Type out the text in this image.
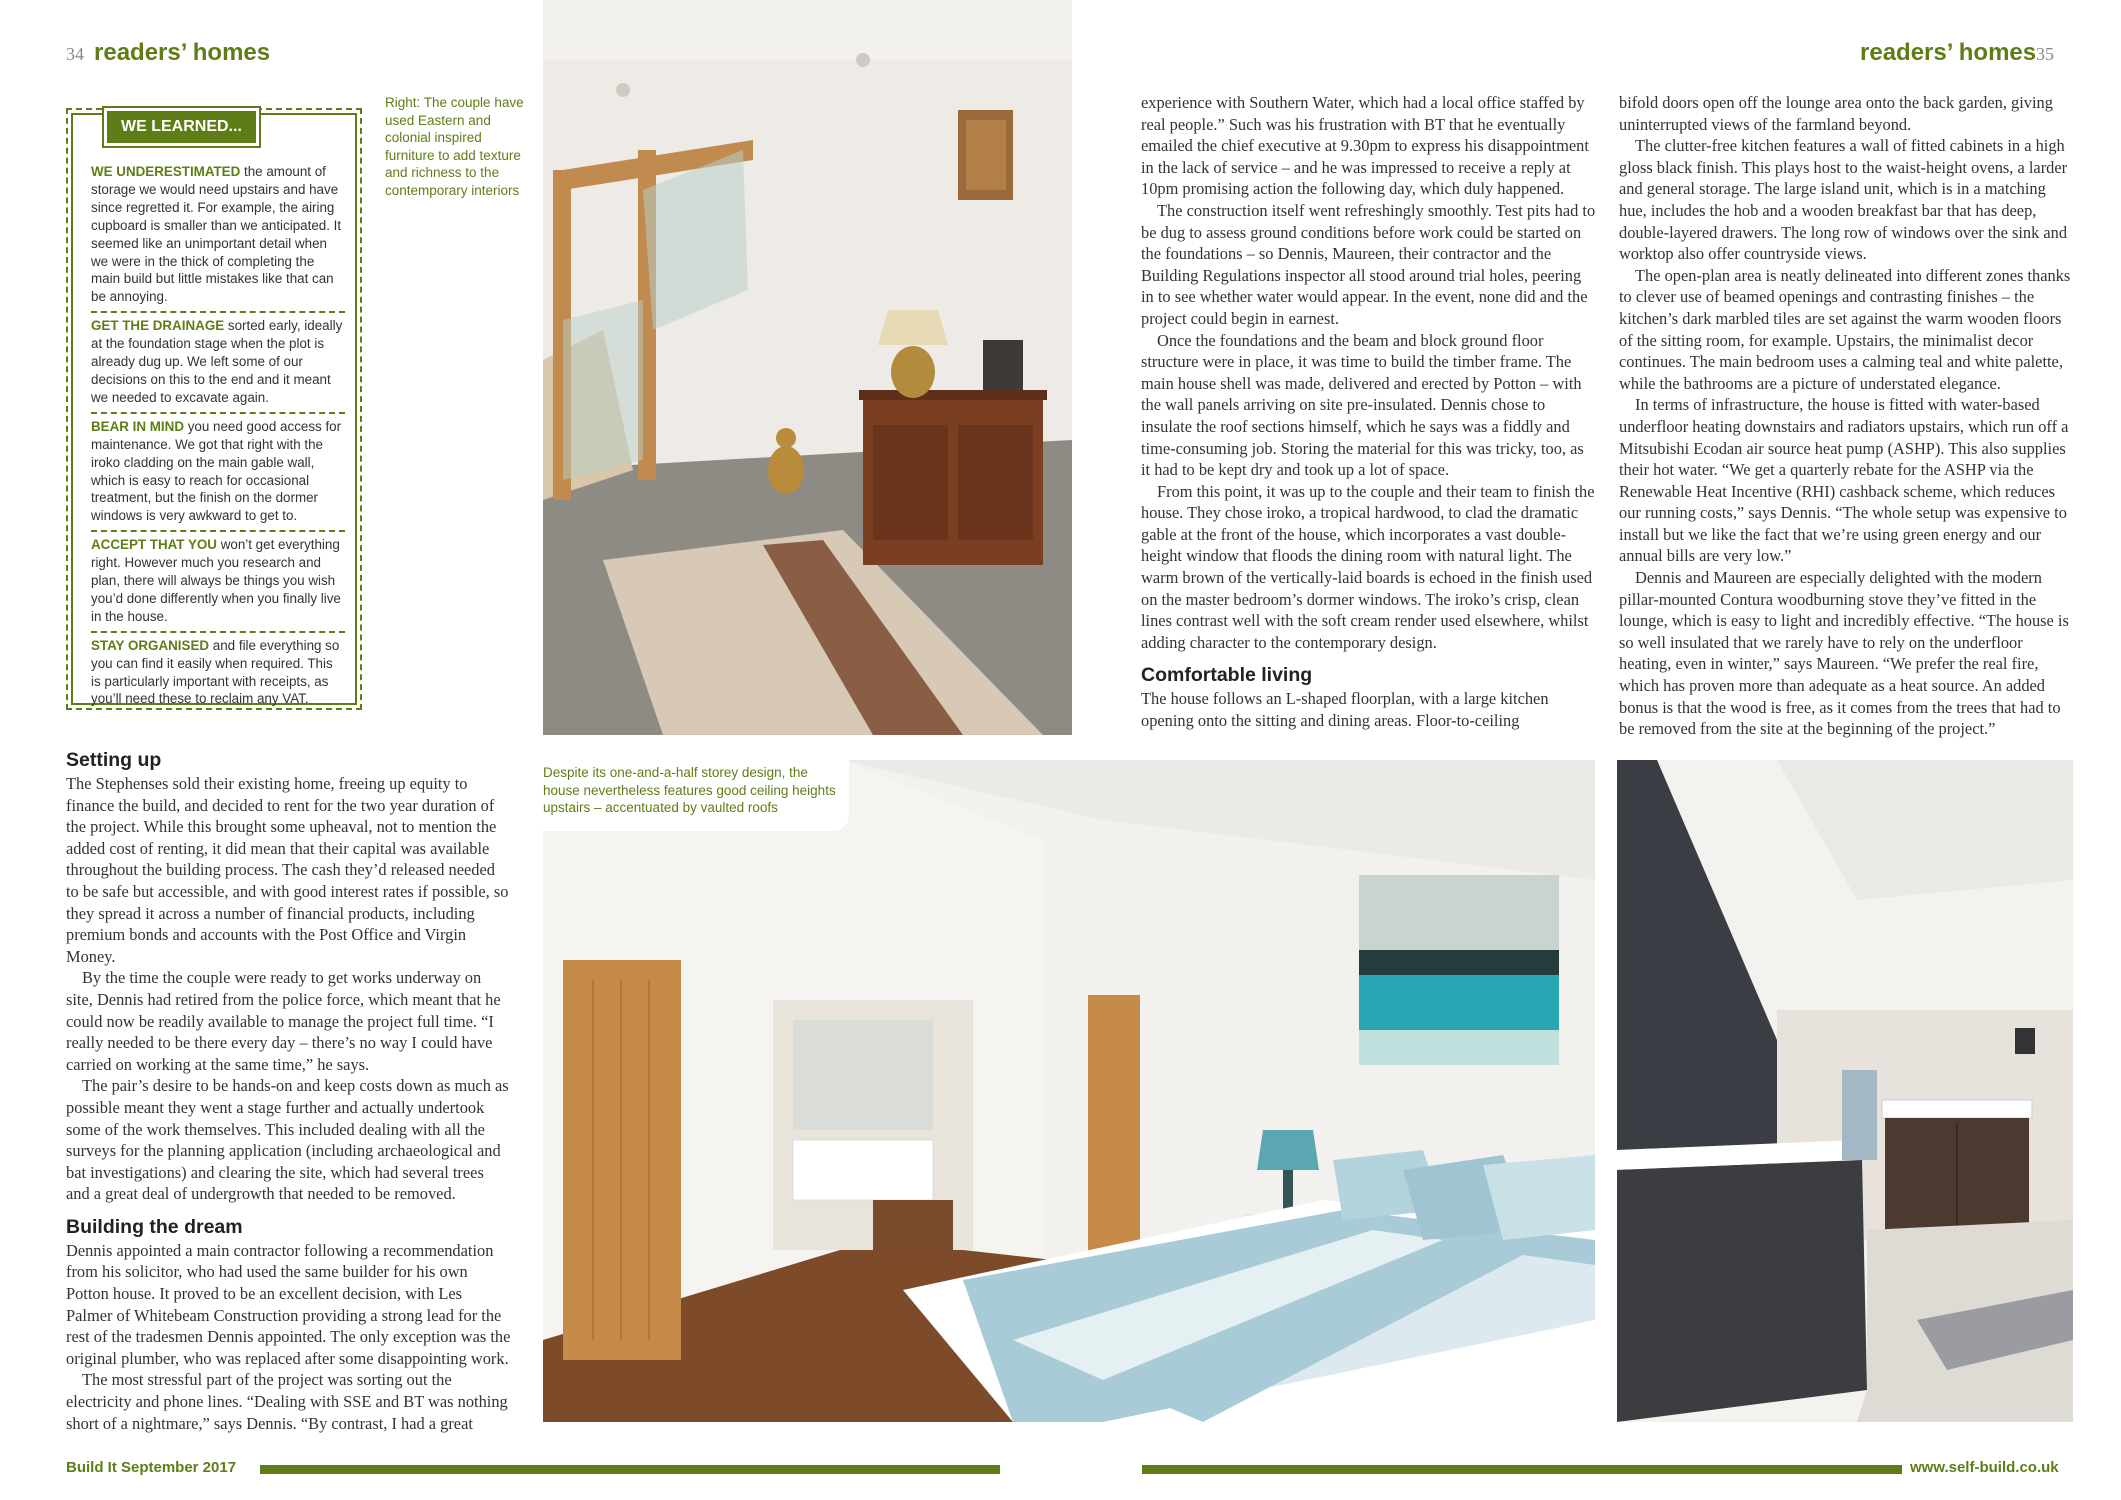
34 readers’ homes	readers’ homes 35
WE LEARNED...
WE UNDERESTIMATED the amount of storage we would need upstairs and have since regretted it. For example, the airing cupboard is smaller than we anticipated. It seemed like an unimportant detail when we were in the thick of completing the main build but little mistakes like that can be annoying.
GET THE DRAINAGE sorted early, ideally at the foundation stage when the plot is already dug up. We left some of our decisions on this to the end and it meant we needed to excavate again.
BEAR IN MIND you need good access for maintenance. We got that right with the iroko cladding on the main gable wall, which is easy to reach for occasional treatment, but the finish on the dormer windows is very awkward to get to.
ACCEPT THAT YOU won’t get everything right. However much you research and plan, there will always be things you wish you’d done differently when you finally live in the house.
STAY ORGANISED and file everything so you can find it easily when required. This is particularly important with receipts, as you’ll need these to reclaim any VAT.
Right: The couple have used Eastern and colonial inspired furniture to add texture and richness to the contemporary interiors
Setting up

The Stephenses sold their existing home, freeing up equity to finance the build, and decided to rent for the two year duration of the project. While this brought some upheaval, not to mention the added cost of renting, it did mean that their capital was available throughout the building process. The cash they’d released needed to be safe but accessible, and with good interest rates if possible, so they spread it across a number of financial products, including premium bonds and accounts with the Post Office and Virgin Money.

By the time the couple were ready to get works underway on site, Dennis had retired from the police force, which meant that he could now be readily available to manage the project full time. “I really needed to be there every day – there’s no way I could have carried on working at the same time,” he says.

The pair’s desire to be hands-on and keep costs down as much as possible meant they went a stage further and actually undertook some of the work themselves. This included dealing with all the surveys for the planning application (including archaeological and bat investigations) and clearing the site, which had several trees and a great deal of undergrowth that needed to be removed.

Building the dream

Dennis appointed a main contractor following a recommendation from his solicitor, who had used the same builder for his own Potton house. It proved to be an excellent decision, with Les Palmer of Whitebeam Construction providing a strong lead for the rest of the tradesmen Dennis appointed. The only exception was the original plumber, who was replaced after some disappointing work.

The most stressful part of the project was sorting out the electricity and phone lines. “Dealing with SSE and BT was nothing short of a nightmare,” says Dennis. “By contrast, I had a great

Despite its one-and-a-half storey design, the house nevertheless features good ceiling heights upstairs – accentuated by vaulted roofs

experience with Southern Water, which had a local office staffed by real people.” Such was his frustration with BT that he eventually emailed the chief executive at 9.30pm to express his disappointment in the lack of service – and he was impressed to receive a reply at 10pm promising action the following day, which duly happened.

The construction itself went refreshingly smoothly. Test pits had to be dug to assess ground conditions before work could be started on the foundations – so Dennis, Maureen, their contractor and the Building Regulations inspector all stood around trial holes, peering in to see whether water would appear. In the event, none did and the project could begin in earnest.

Once the foundations and the beam and block ground floor structure were in place, it was time to build the timber frame. The main house shell was made, delivered and erected by Potton – with the wall panels arriving on site pre-insulated. Dennis chose to insulate the roof sections himself, which he says was a fiddly and time-consuming job. Storing the material for this was tricky, too, as it had to be kept dry and took up a lot of space.

From this point, it was up to the couple and their team to finish the house. They chose iroko, a tropical hardwood, to clad the dramatic gable at the front of the house, which incorporates a vast double-height window that floods the dining room with natural light. The warm brown of the vertically-laid boards is echoed in the finish used on the master bedroom’s dormer windows. The iroko’s crisp, clean lines contrast well with the soft cream render used elsewhere, whilst adding character to the contemporary design.

Comfortable living

The house follows an L-shaped floorplan, with a large kitchen opening onto the sitting and dining areas. Floor-to-ceiling

bifold doors open off the lounge area onto the back garden, giving uninterrupted views of the farmland beyond.

The clutter-free kitchen features a wall of fitted cabinets in a high gloss black finish. This plays host to the waist-height ovens, a larder and general storage. The large island unit, which is in a matching hue, includes the hob and a wooden breakfast bar that has deep, double-layered drawers. The long row of windows over the sink and worktop also offer countryside views.

The open-plan area is neatly delineated into different zones thanks to clever use of beamed openings and contrasting finishes – the kitchen’s dark marbled tiles are set against the warm wooden floors of the sitting room, for example. Upstairs, the minimalist decor continues. The main bedroom uses a calming teal and white palette, while the bathrooms are a picture of understated elegance.

In terms of infrastructure, the house is fitted with water-based underfloor heating downstairs and radiators upstairs, which run off a Mitsubishi Ecodan air source heat pump (ASHP). This also supplies their hot water. “We get a quarterly rebate for the ASHP via the Renewable Heat Incentive (RHI) cashback scheme, which reduces our running costs,” says Dennis. “The whole setup was expensive to install but we like the fact that we’re using green energy and our annual bills are very low.”

Dennis and Maureen are especially delighted with the modern pillar-mounted Contura woodburning stove they’ve fitted in the lounge, which is easy to light and incredibly effective. “The house is so well insulated that we rarely have to rely on the underfloor heating, even in winter,” says Maureen. “We prefer the real fire, which has proven more than adequate as a heat source. An added bonus is that the wood is free, as it comes from the trees that had to be removed from the site at the beginning of the project.”

Build It September 2017	www.self-build.co.uk
